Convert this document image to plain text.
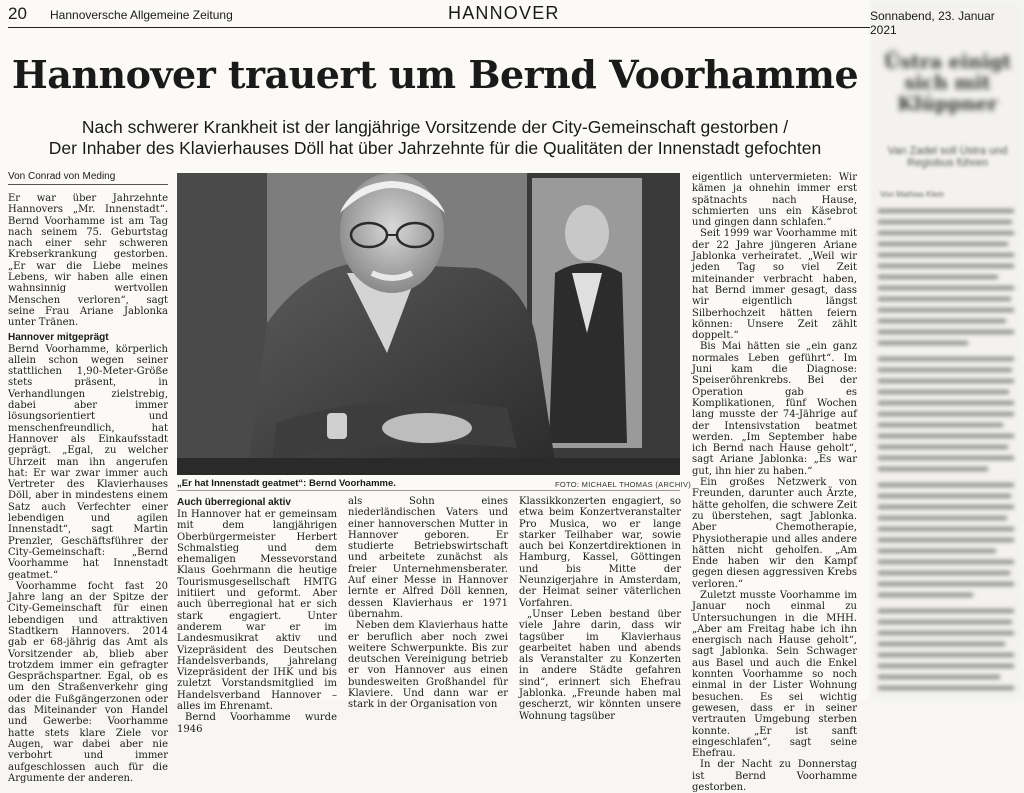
Üstra einigt sich mit Klüppner
Van Zadel soll Üstra und Regiobus führen
Von Mathias Klein
20 Hannoversche Allgemeine Zeitung	HANNOVER	Sonnabend, 23. Januar 2021
Hannover trauert um Bernd Voorhamme
Nach schwerer Krankheit ist der langjährige Vorsitzende der City-Gemeinschaft gestorben /
Der Inhaber des Klavierhauses Döll hat über Jahrzehnte für die Qualitäten der Innenstadt gefochten
Von Conrad von Meding

Er war über Jahrzehnte Hannovers „Mr. Innenstadt“. Bernd Voorhamme ist am Tag nach seinem 75. Geburtstag nach einer sehr schweren Krebserkrankung gestorben. „Er war die Liebe meines Lebens, wir haben alle einen wahnsinnig wertvollen Menschen verloren“, sagt seine Frau Ariane Jablonka unter Tränen.

Hannover mitgeprägt

Bernd Voorhamme, körperlich allein schon wegen seiner stattlichen 1,90-Meter-Größe stets präsent, in Verhandlungen zielstrebig, dabei aber immer lösungsorientiert und menschenfreundlich, hat Hannover als Einkaufsstadt geprägt. „Egal, zu welcher Uhrzeit man ihn angerufen hat: Er war zwar immer auch Vertreter des Klavierhauses Döll, aber in mindestens einem Satz auch Verfechter einer lebendigen und agilen Innenstadt“, sagt Martin Prenzler, Geschäftsführer der City-Gemeinschaft: „Bernd Voorhamme hat Innenstadt geatmet.“

Voorhamme focht fast 20 Jahre lang an der Spitze der City-Gemeinschaft für einen lebendigen und attraktiven Stadtkern Hannovers. 2014 gab er 68-jährig das Amt als Vorsitzender ab, blieb aber trotzdem immer ein gefragter Gesprächspartner. Egal, ob es um den Straßenverkehr ging oder die Fußgängerzonen oder das Miteinander von Handel und Gewerbe: Voorhamme hatte stets klare Ziele vor Augen, war dabei aber nie verbohrt und immer aufgeschlossen auch für die Argumente der anderen.

„Er hat Innenstadt geatmet“: Bernd Voorhamme.	FOTO: MICHAEL THOMAS (ARCHIV)
Auch überregional aktiv

In Hannover hat er gemeinsam mit dem langjährigen Oberbürgermeister Herbert Schmalstieg und dem ehemaligen Messevorstand Klaus Goehrmann die heutige Tourismusgesellschaft HMTG initiiert und geformt. Aber auch überregional hat er sich stark engagiert. Unter anderem war er im Landesmusikrat aktiv und Vizepräsident des Deutschen Handelsverbands, jahrelang Vizepräsident der IHK und bis zuletzt Vorstandsmitglied im Handelsverband Hannover – alles im Ehrenamt.

Bernd Voorhamme wurde 1946

als Sohn eines niederländischen Vaters und einer hannoverschen Mutter in Hannover geboren. Er studierte Betriebswirtschaft und arbeitete zunächst als freier Unternehmensberater. Auf einer Messe in Hannover lernte er Alfred Döll kennen, dessen Klavierhaus er 1971 übernahm.

Neben dem Klavierhaus hatte er beruflich aber noch zwei weitere Schwerpunkte. Bis zur deutschen Vereinigung betrieb er von Hannover aus einen bundesweiten Großhandel für Klaviere. Und dann war er stark in der Organisation von

Klassikkonzerten engagiert, so etwa beim Konzertveranstalter Pro Musica, wo er lange starker Teilhaber war, sowie auch bei Konzertdirektionen in Hamburg, Kassel, Göttingen und bis Mitte der Neunzigerjahre in Amsterdam, der Heimat seiner väterlichen Vorfahren.

„Unser Leben bestand über viele Jahre darin, dass wir tagsüber im Klavierhaus gearbeitet haben und abends als Veranstalter zu Konzerten in andere Städte gefahren sind“, erinnert sich Ehefrau Jablonka. „Freunde haben mal gescherzt, wir könnten unsere Wohnung tagsüber

eigentlich untervermieten: Wir kämen ja ohnehin immer erst spätnachts nach Hause, schmierten uns ein Käsebrot und gingen dann schlafen.“

Seit 1999 war Voorhamme mit der 22 Jahre jüngeren Ariane Jablonka verheiratet. „Weil wir jeden Tag so viel Zeit miteinander verbracht haben, hat Bernd immer gesagt, dass wir eigentlich längst Silberhochzeit hätten feiern können: Unsere Zeit zählt doppelt.“

Bis Mai hätten sie „ein ganz normales Leben geführt“. Im Juni kam die Diagnose: Speiseröhrenkrebs. Bei der Operation gab es Komplikationen, fünf Wochen lang musste der 74-Jährige auf der Intensivstation beatmet werden. „Im September habe ich Bernd nach Hause geholt“, sagt Ariane Jablonka: „Es war gut, ihn hier zu haben.“

Ein großes Netzwerk von Freunden, darunter auch Ärzte, hätte geholfen, die schwere Zeit zu überstehen, sagt Jablonka. Aber Chemotherapie, Physiotherapie und alles andere hätten nicht geholfen. „Am Ende haben wir den Kampf gegen diesen aggressiven Krebs verloren.“

Zuletzt musste Voorhamme im Januar noch einmal zu Untersuchungen in die MHH. „Aber am Freitag habe ich ihn energisch nach Hause geholt“, sagt Jablonka. Sein Schwager aus Basel und auch die Enkel konnten Voorhamme so noch einmal in der Lister Wohnung besuchen. Es sei wichtig gewesen, dass er in seiner vertrauten Umgebung sterben konnte. „Er ist sanft eingeschlafen“, sagt seine Ehefrau.

In der Nacht zu Donnerstag ist Bernd Voorhamme gestorben.
